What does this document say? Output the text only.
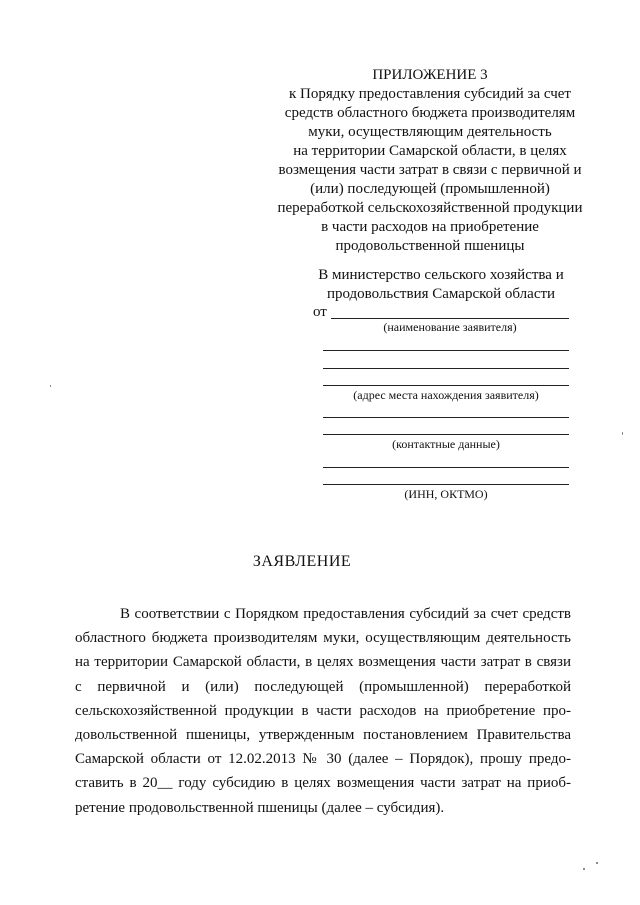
ПРИЛОЖЕНИЕ 3
к Порядку предоставления субсидий за счет
средств областного бюджета производителям
муки, осуществляющим деятельность
на территории Самарской области, в целях
возмещения части затрат в связи с первичной и
(или) последующей (промышленной)
переработкой сельскохозяйственной продукции
в части расходов на приобретение
продовольственной пшеницы
В министерство сельского хозяйства и
продовольствия Самарской области
от
(наименование заявителя)
(адрес места нахождения заявителя)
(контактные данные)
(ИНН, ОКТМО)
ЗАЯВЛЕНИЕ
В соответствии с Порядком предоставления субсидий за счет средств областного бюджета производителям муки, осуществляющим деятельность на территории Самарской области, в целях возмещения части затрат в связи с первичной и (или) последующей (промышленной) переработкой сельскохозяйственной продукции в части расходов на приобретение продовольственной пшеницы, утвержденным постановлением Правительства Самарской области от 12.02.2013 № 30 (далее – Порядок), прошу предоставить в 20__ году субсидию в целях возмещения части затрат на приобретение продовольственной пшеницы (далее – субсидия).
